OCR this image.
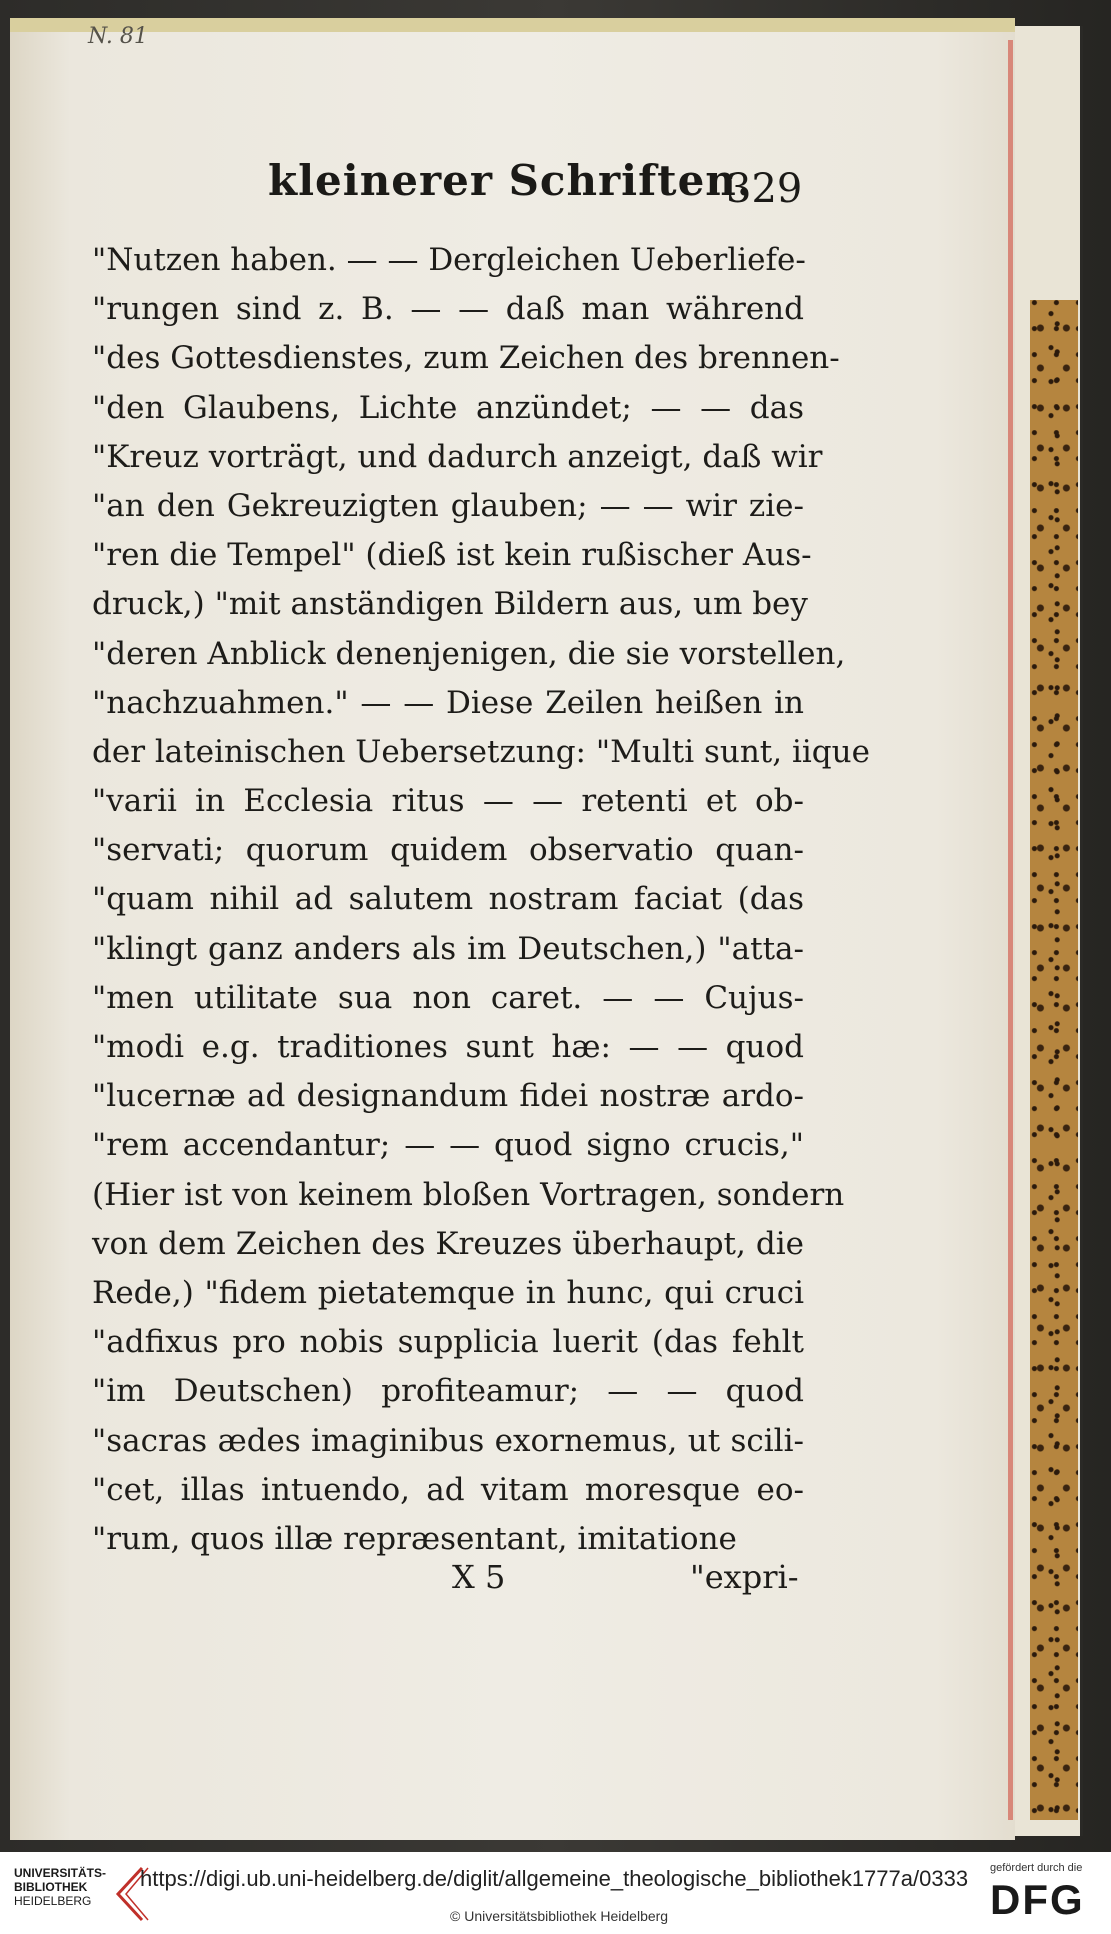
N. 81
kleinerer Schriften.
329
"Nutzen haben. — — Dergleichen Ueberliefe-
"rungen sind z. B. — — daß man während
"des Gottesdienstes, zum Zeichen des brennen-
"den Glaubens, Lichte anzündet; — — das
"Kreuz vorträgt, und dadurch anzeigt, daß wir
"an den Gekreuzigten glauben; — — wir zie-
"ren die Tempel" (dieß ist kein rußischer Aus-
druck,) "mit anständigen Bildern aus, um bey
"deren Anblick denenjenigen, die sie vorstellen,
"nachzuahmen." — — Diese Zeilen heißen in
der lateinischen Uebersetzung: "Multi sunt, iique
"varii in Ecclesia ritus — — retenti et ob-
"servati; quorum quidem observatio quan-
"quam nihil ad salutem nostram faciat (das
"klingt ganz anders als im Deutschen,) "atta-
"men utilitate sua non caret. — — Cujus-
"modi e.g. traditiones sunt hæ: — — quod
"lucernæ ad designandum fidei nostræ ardo-
"rem accendantur; — — quod signo crucis,"
(Hier ist von keinem bloßen Vortragen, sondern
von dem Zeichen des Kreuzes überhaupt, die
Rede,) "fidem pietatemque in hunc, qui cruci
"adfixus pro nobis supplicia luerit (das fehlt
"im Deutschen) profiteamur; — — quod
"sacras ædes imaginibus exornemus, ut scili-
"cet, illas intuendo, ad vitam moresque eo-
"rum, quos illæ repræsentant, imitatione
X 5	"expri-
UNIVERSITÄTS-
BIBLIOTHEK
HEIDELBERG
https://digi.ub.uni-heidelberg.de/diglit/allgemeine_theologische_bibliothek1777a/0333
© Universitätsbibliothek Heidelberg
gefördert durch die
DFG
